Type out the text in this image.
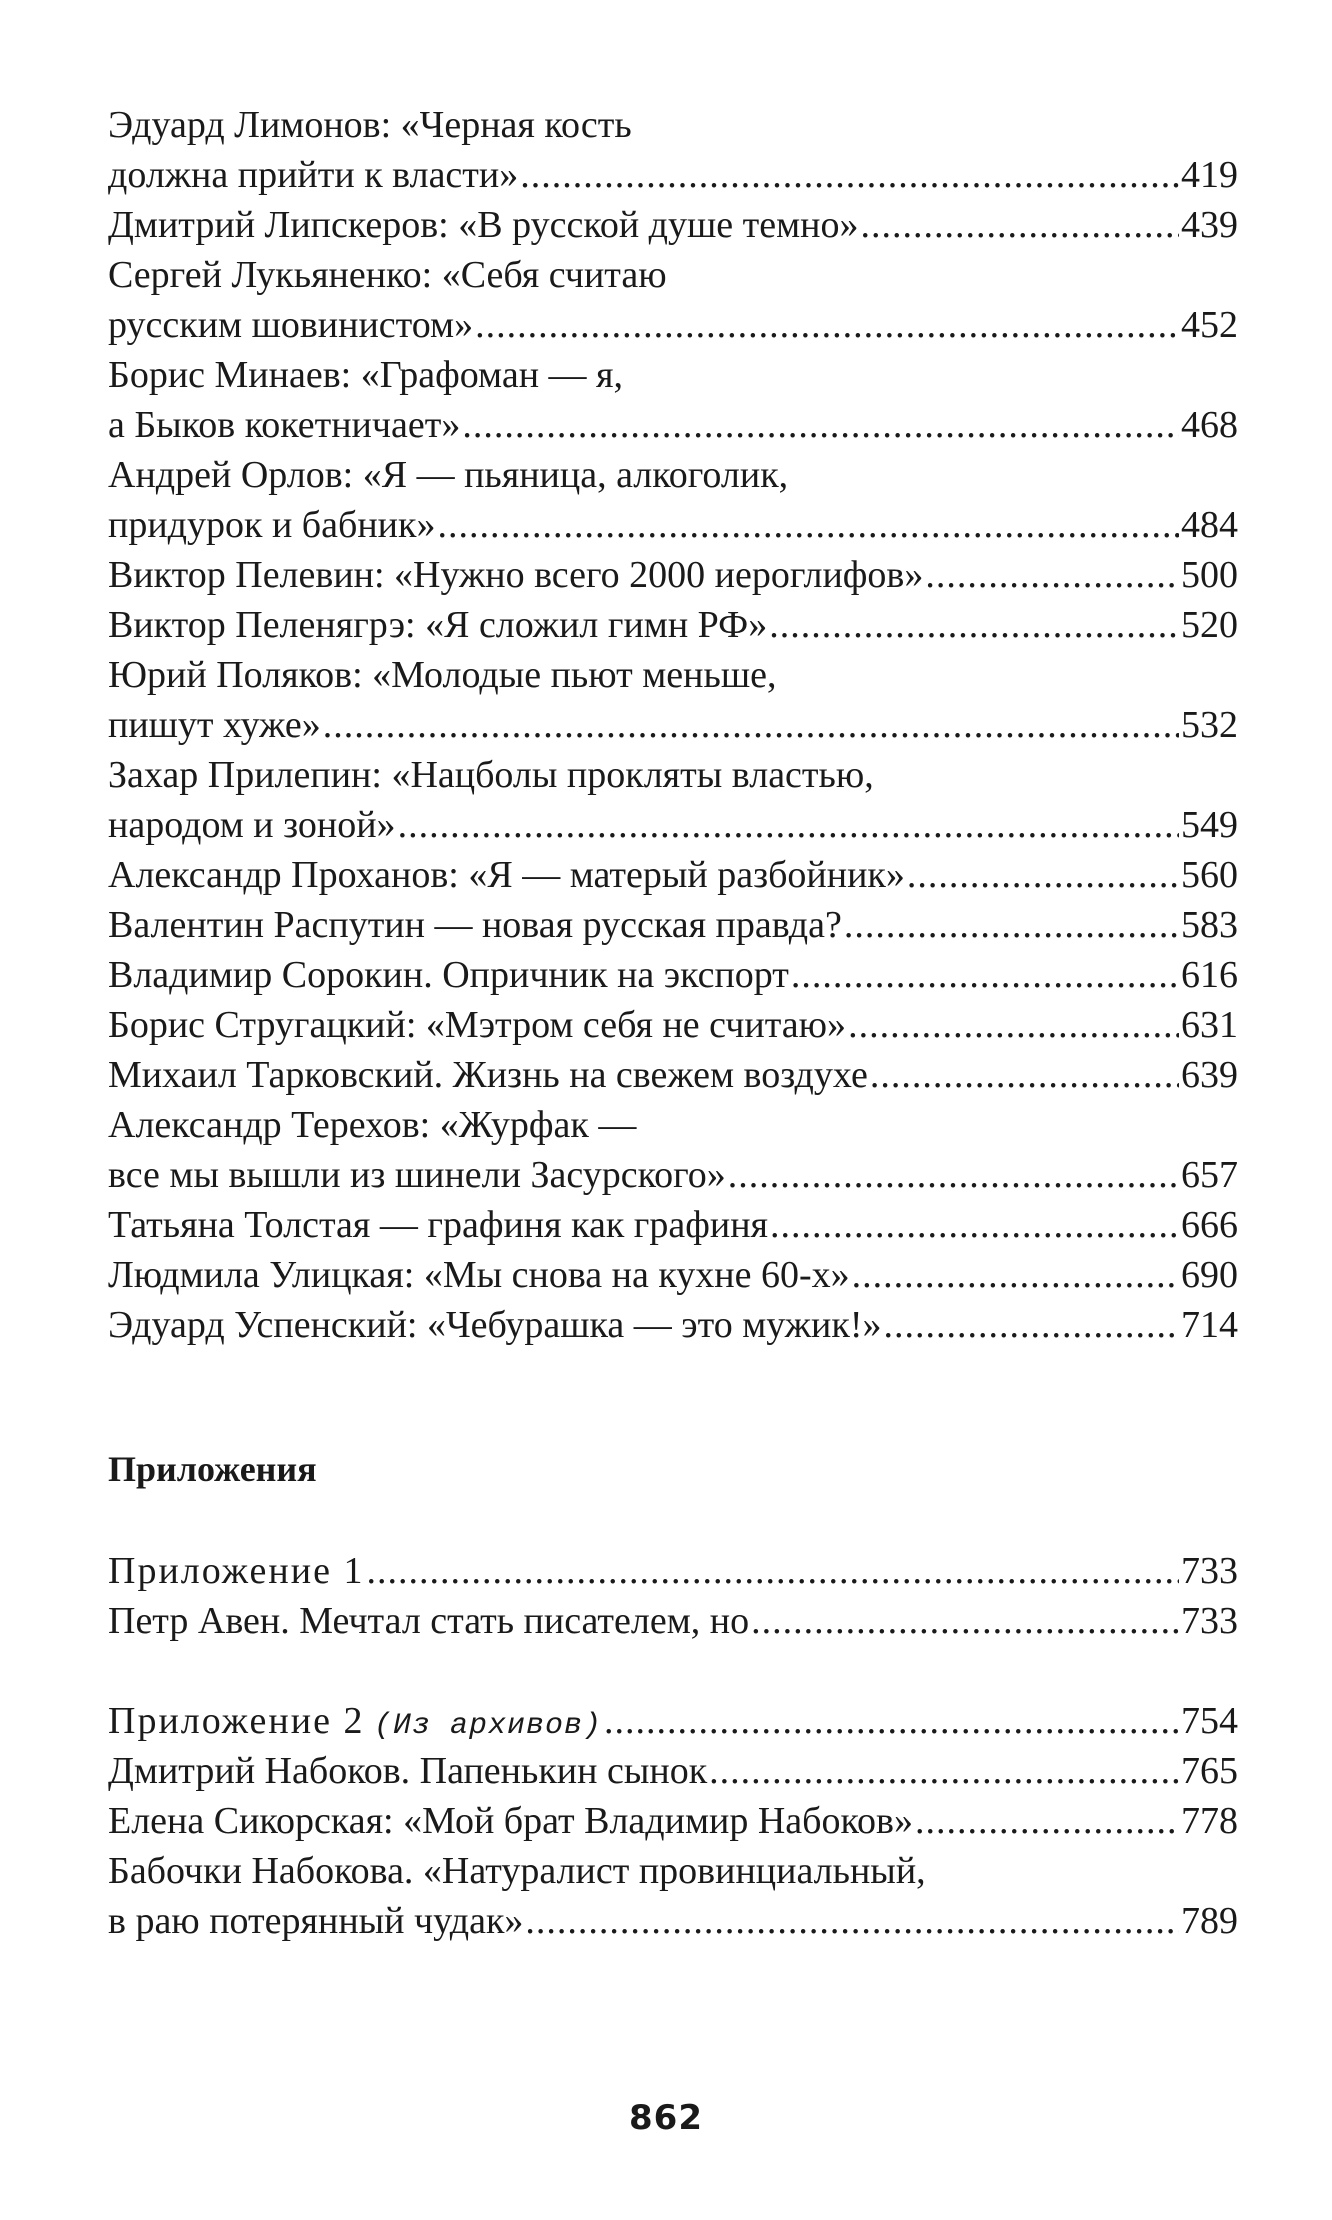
Эдуард Лимонов: «Черная кость
должна прийти к власти» .....	419
Дмитрий Липскеров: «В русской душе темно» .....	439
Сергей Лукьяненко: «Себя считаю
русским шовинистом» .....	452
Борис Минаев: «Графоман — я,
а Быков кокетничает» .....	468
Андрей Орлов: «Я — пьяница, алкоголик,
придурок и бабник» .....	484
Виктор Пелевин: «Нужно всего 2000 иероглифов» .....	500
Виктор Пеленягрэ: «Я сложил гимн РФ» .....	520
Юрий Поляков: «Молодые пьют меньше,
пишут хуже» .....	532
Захар Прилепин: «Нацболы прокляты властью,
народом и зоной» .....	549
Александр Проханов: «Я — матерый разбойник» .....	560
Валентин Распутин — новая русская правда? .....	583
Владимир Сорокин. Опричник на экспорт .....	616
Борис Стругацкий: «Мэтром себя не считаю» .....	631
Михаил Тарковский. Жизнь на свежем воздухе .....	639
Александр Терехов: «Журфак —
все мы вышли из шинели Засурского» .....	657
Татьяна Толстая — графиня как графиня .....	666
Людмила Улицкая: «Мы снова на кухне 60-х» .....	690
Эдуард Успенский: «Чебурашка — это мужик!» .....	714
Приложения
Приложение 1 .....	733
Петр Авен. Мечтал стать писателем, но .....	733
Приложение 2 (Из архивов) .....	754
Дмитрий Набоков. Папенькин сынок .....	765
Елена Сикорская: «Мой брат Владимир Набоков» .....	778
Бабочки Набокова. «Натуралист провинциальный,
в раю потерянный чудак» .....	789
862
